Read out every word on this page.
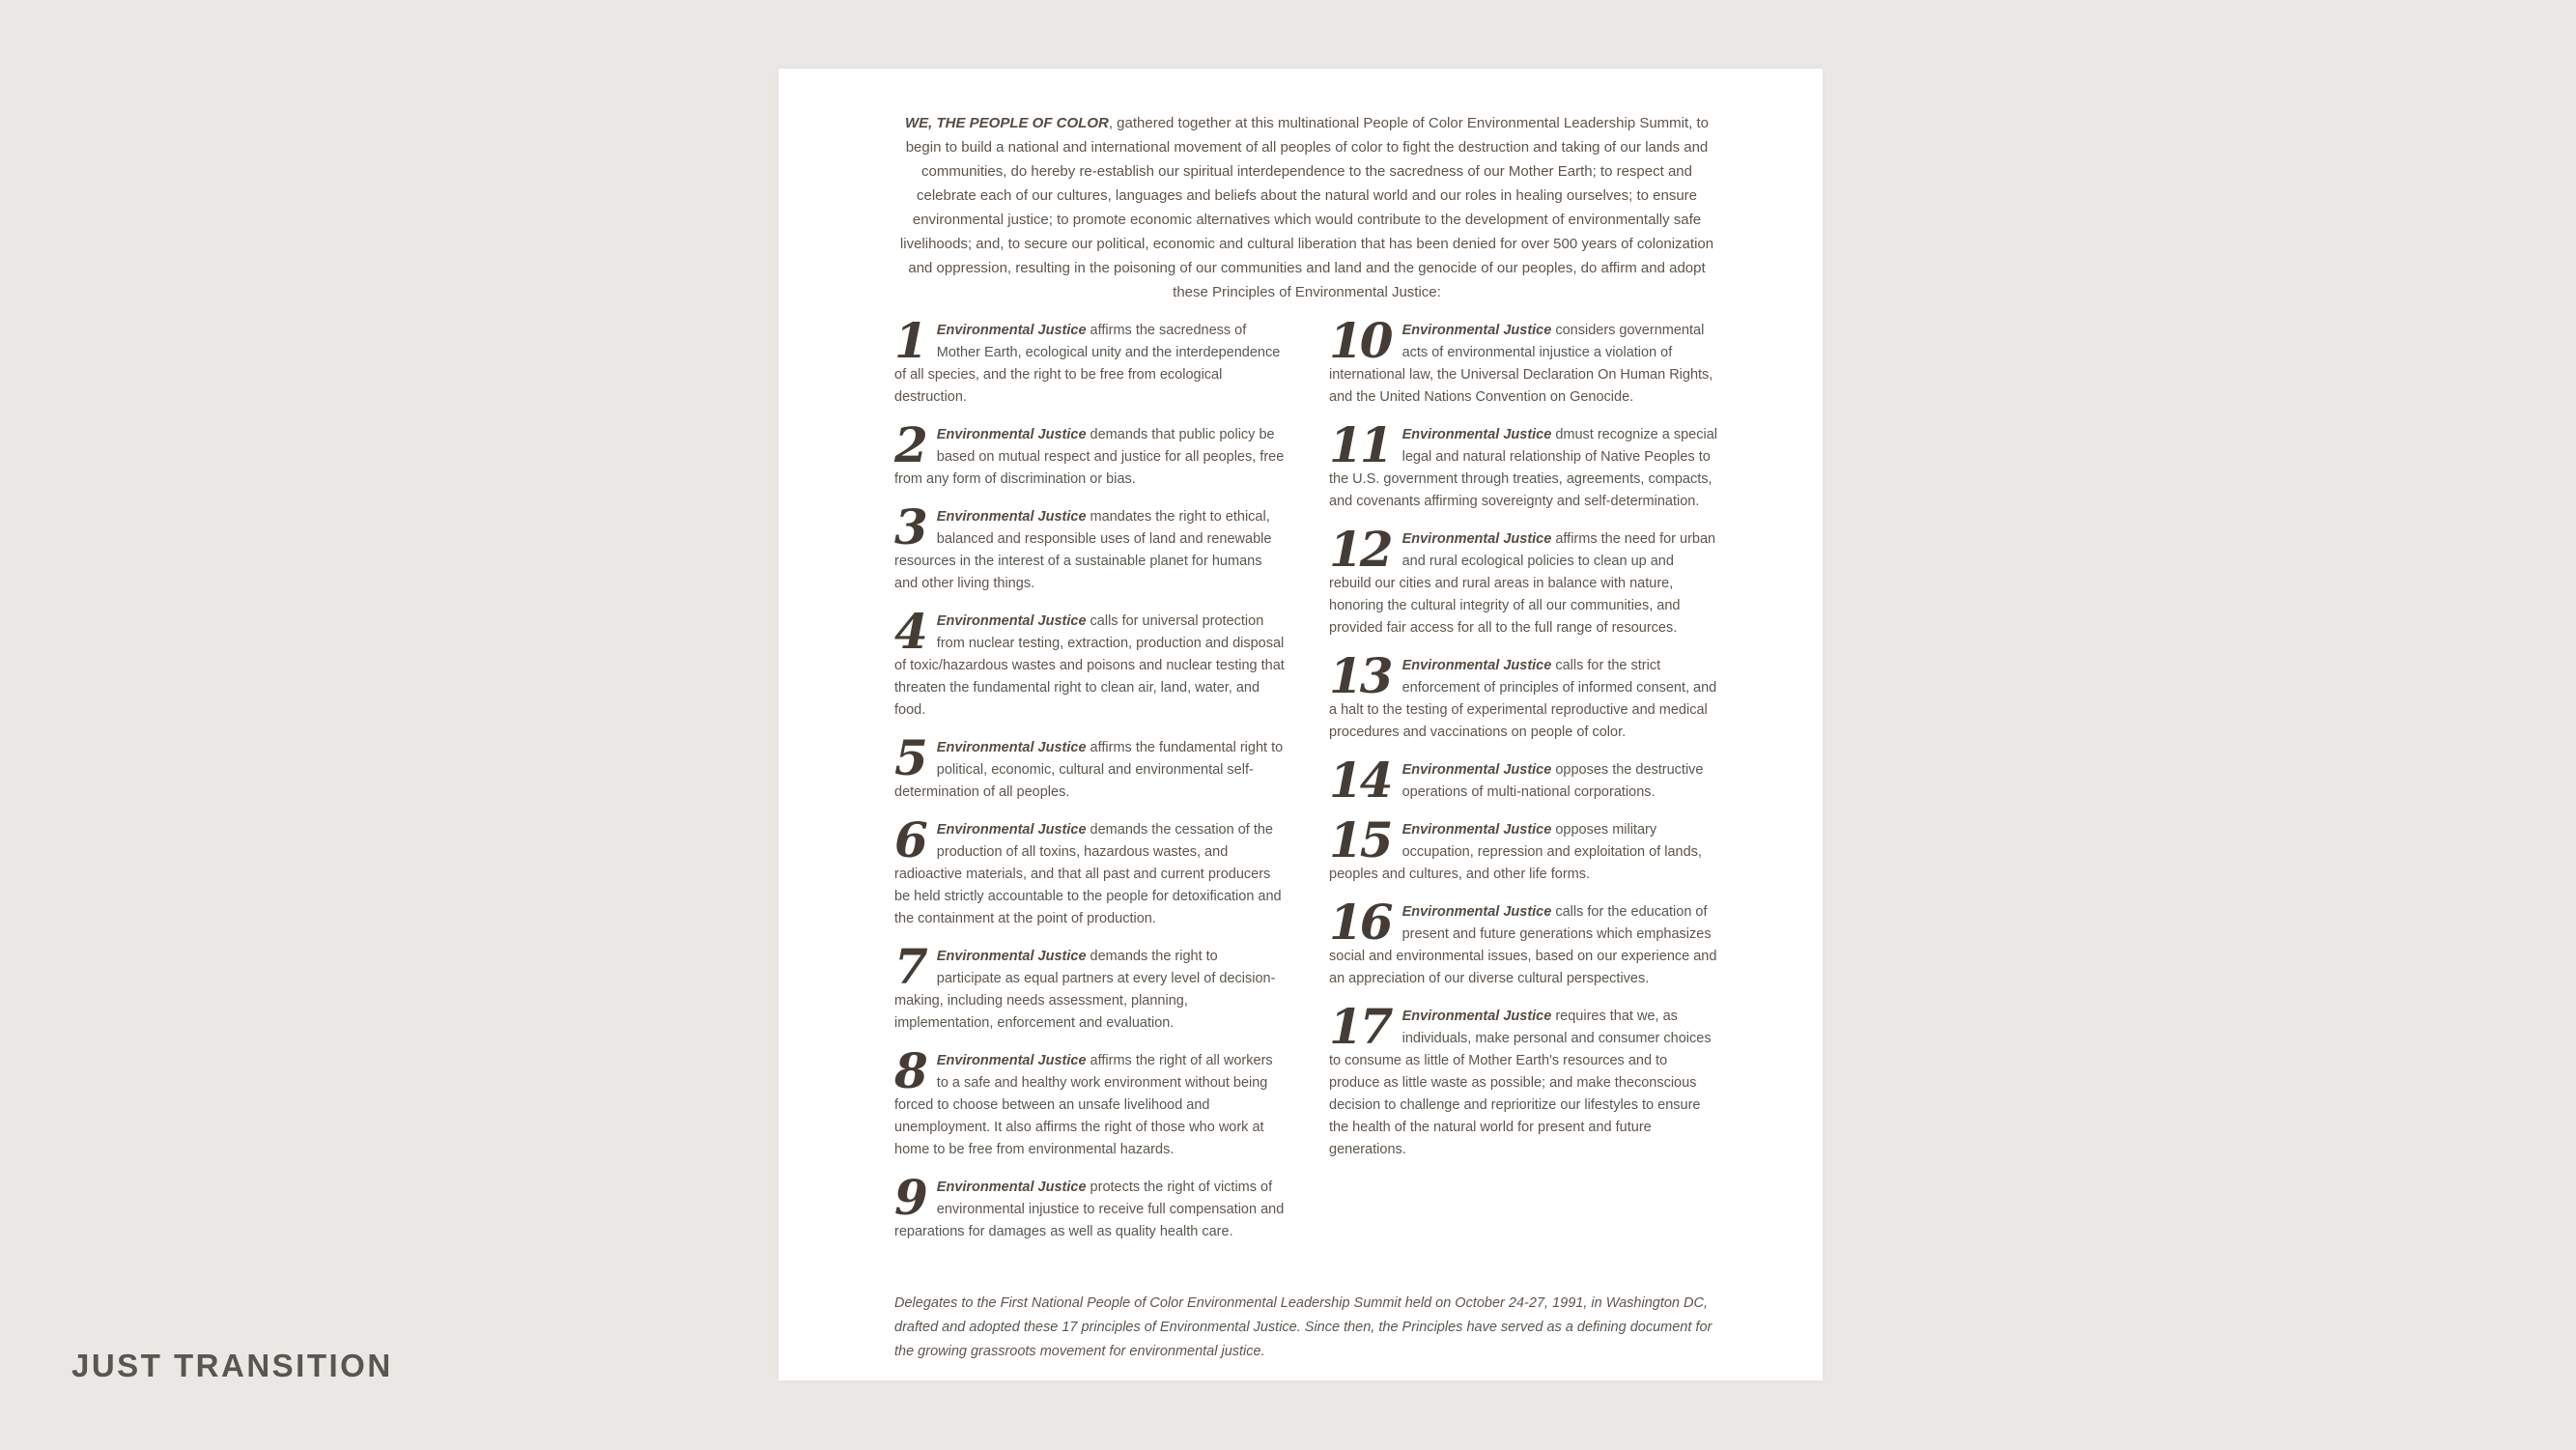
WE, THE PEOPLE OF COLOR, gathered together at this multinational People of Color Environmental Leadership Summit, to begin to build a national and international movement of all peoples of color to fight the destruction and taking of our lands and communities, do hereby re-establish our spiritual interdependence to the sacredness of our Mother Earth; to respect and celebrate each of our cultures, languages and beliefs about the natural world and our roles in healing ourselves; to ensure environmental justice; to promote economic alternatives which would contribute to the development of environmentally safe livelihoods; and, to secure our political, economic and cultural liberation that has been denied for over 500 years of colonization and oppression, resulting in the poisoning of our communities and land and the genocide of our peoples, do affirm and adopt these Principles of Environmental Justice:

1 Environmental Justice affirms the sacredness of Mother Earth, ecological unity and the interdependence of all species, and the right to be free from ecological destruction.

2 Environmental Justice demands that public policy be based on mutual respect and justice for all peoples, free from any form of discrimination or bias.

3 Environmental Justice mandates the right to ethical, balanced and responsible uses of land and renewable resources in the interest of a sustainable planet for humans and other living things.

4 Environmental Justice calls for universal protection from nuclear testing, extraction, production and disposal of toxic/hazardous wastes and poisons and nuclear testing that threaten the fundamental right to clean air, land, water, and food.

5 Environmental Justice affirms the fundamental right to political, economic, cultural and environmental self-determination of all peoples.

6 Environmental Justice demands the cessation of the production of all toxins, hazardous wastes, and radioactive materials, and that all past and current producers be held strictly accountable to the people for detoxification and the containment at the point of production.

7 Environmental Justice demands the right to participate as equal partners at every level of decision-making, including needs assessment, planning, implementation, enforcement and evaluation.

8 Environmental Justice affirms the right of all workers to a safe and healthy work environment without being forced to choose between an unsafe livelihood and unemployment. It also affirms the right of those who work at home to be free from environmental hazards.

9 Environmental Justice protects the right of victims of environmental injustice to receive full compensation and reparations for damages as well as quality health care.

10 Environmental Justice considers governmental acts of environmental injustice a violation of international law, the Universal Declaration On Human Rights, and the United Nations Convention on Genocide.

11 Environmental Justice dmust recognize a special legal and natural relationship of Native Peoples to the U.S. government through treaties, agreements, compacts, and covenants affirming sovereignty and self-determination.

12 Environmental Justice affirms the need for urban and rural ecological policies to clean up and rebuild our cities and rural areas in balance with nature, honoring the cultural integrity of all our communities, and provided fair access for all to the full range of resources.

13 Environmental Justice calls for the strict enforcement of principles of informed consent, and a halt to the testing of experimental reproductive and medical procedures and vaccinations on people of color.

14 Environmental Justice opposes the destructive operations of multi-national corporations.

15 Environmental Justice opposes military occupation, repression and exploitation of lands, peoples and cultures, and other life forms.

16 Environmental Justice calls for the education of present and future generations which emphasizes social and environmental issues, based on our experience and an appreciation of our diverse cultural perspectives.

17 Environmental Justice requires that we, as individuals, make personal and consumer choices to consume as little of Mother Earth's resources and to produce as little waste as possible; and make theconscious decision to challenge and reprioritize our lifestyles to ensure the health of the natural world for present and future generations.

Delegates to the First National People of Color Environmental Leadership Summit held on October 24-27, 1991, in Washington DC, drafted and adopted these 17 principles of Environmental Justice. Since then, the Principles have served as a defining document for the growing grassroots movement for environmental justice.

JUST TRANSITION
